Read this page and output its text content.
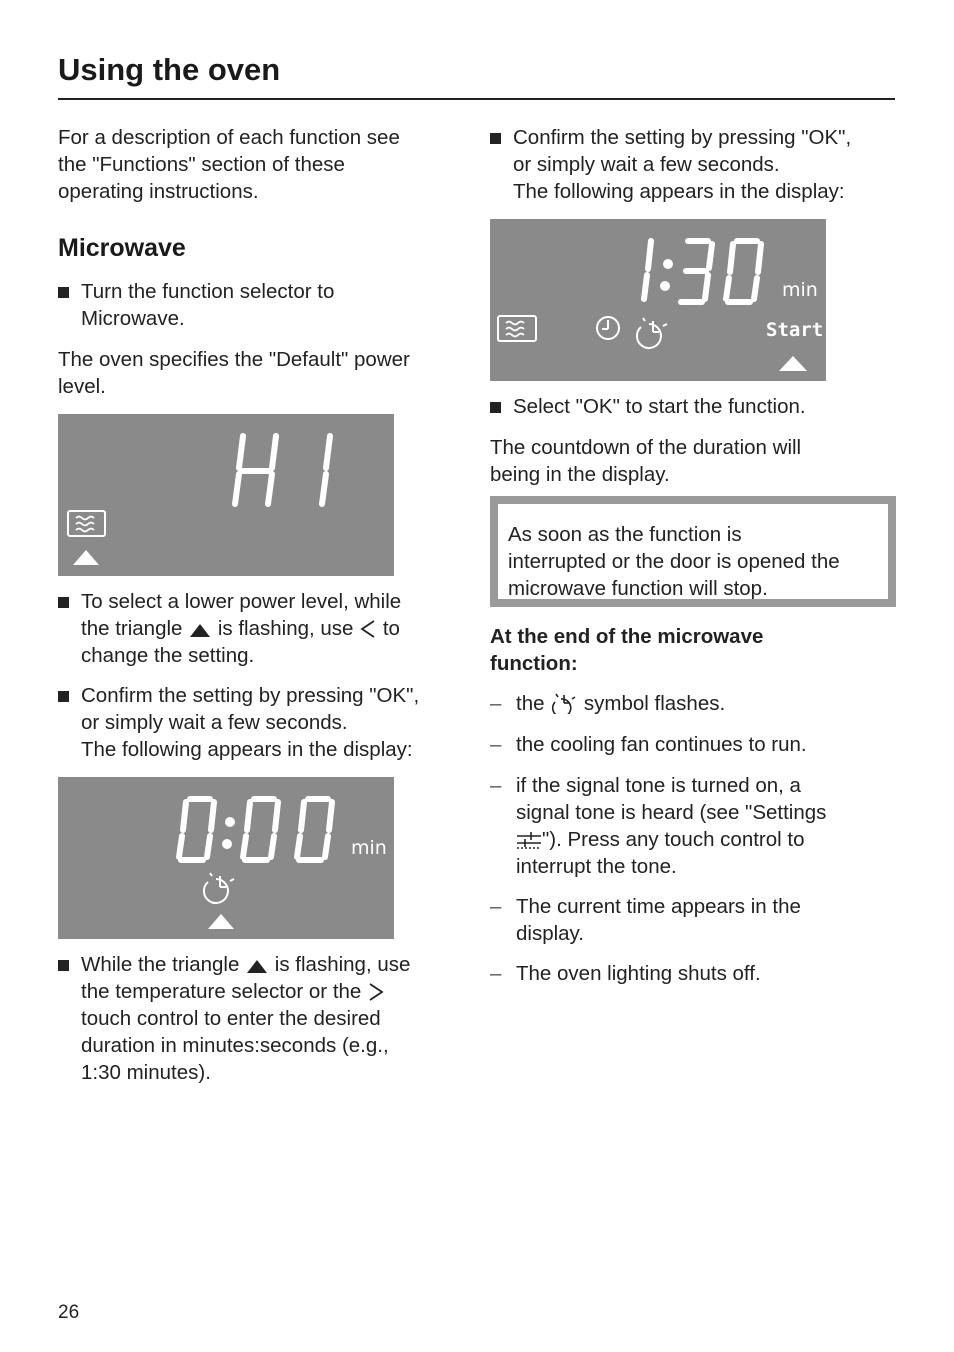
Using the oven

For a description of each function see
the "Functions" section of these
operating instructions.

Microwave
Turn the function selector to
Microwave.

The oven specifies the "Default" power
level.

To select a lower power level, while
the triangle is flashing, use to
change the setting.
Confirm the setting by pressing "OK",
or simply wait a few seconds.
The following appears in the display:
min
While the triangle is flashing, use
the temperature selector or the
touch control to enter the desired
duration in minutes:seconds (e.g.,
1:30 minutes).
Confirm the setting by pressing "OK",
or simply wait a few seconds.
The following appears in the display:
min
Start
Select "OK" to start the function.

The countdown of the duration will
being in the display.

As soon as the function is
interrupted or the door is opened the
microwave function will stop.
At the end of the microwave
function:
– the symbol flashes.
– the cooling fan continues to run.
– if the signal tone is turned on, a
signal tone is heard (see "Settings
"). Press any touch control to
interrupt the tone.
– The current time appears in the
display.
– The oven lighting shuts off.
26
